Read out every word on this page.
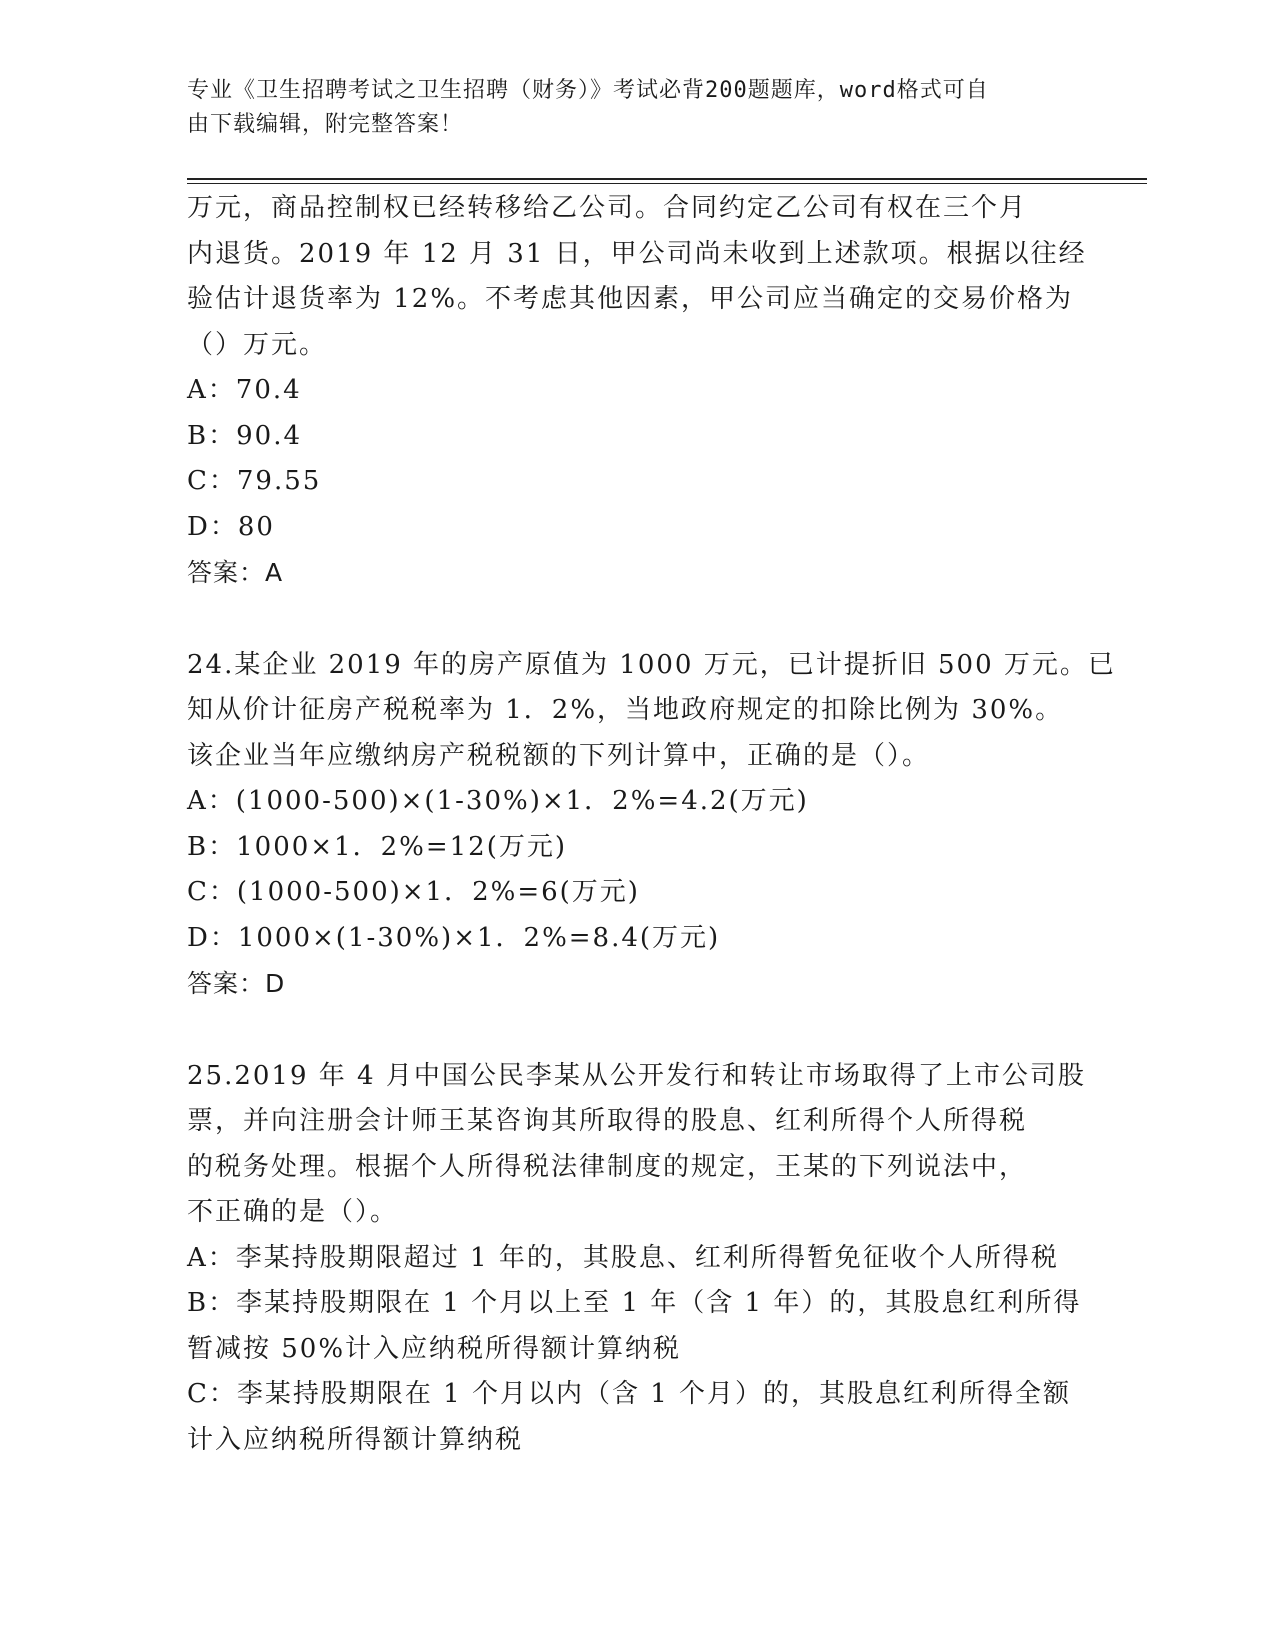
专业《卫生招聘考试之卫生招聘（财务）》考试必背200题题库，word格式可自
由下载编辑，附完整答案！
万元，商品控制权已经转移给乙公司。合同约定乙公司有权在三个月
内退货。2019 年 12 月 31 日，甲公司尚未收到上述款项。根据以往经
验估计退货率为 12%。不考虑其他因素，甲公司应当确定的交易价格为
（）万元。
A：70.4
B：90.4
C：79.55
D：80
答案：A
24.某企业 2019 年的房产原值为 1000 万元，已计提折旧 500 万元。已
知从价计征房产税税率为 1．2%，当地政府规定的扣除比例为 30%。
该企业当年应缴纳房产税税额的下列计算中，正确的是（）。
A：(1000-500)×(1-30%)×1．2%=4.2(万元)
B：1000×1．2%=12(万元)
C：(1000-500)×1．2%=6(万元)
D：1000×(1-30%)×1．2%=8.4(万元)
答案：D
25.2019 年 4 月中国公民李某从公开发行和转让市场取得了上市公司股
票，并向注册会计师王某咨询其所取得的股息、红利所得个人所得税
的税务处理。根据个人所得税法律制度的规定，王某的下列说法中，
不正确的是（）。
A：李某持股期限超过 1 年的，其股息、红利所得暂免征收个人所得税
B：李某持股期限在 1 个月以上至 1 年（含 1 年）的，其股息红利所得
暂减按 50%计入应纳税所得额计算纳税
C：李某持股期限在 1 个月以内（含 1 个月）的，其股息红利所得全额
计入应纳税所得额计算纳税
